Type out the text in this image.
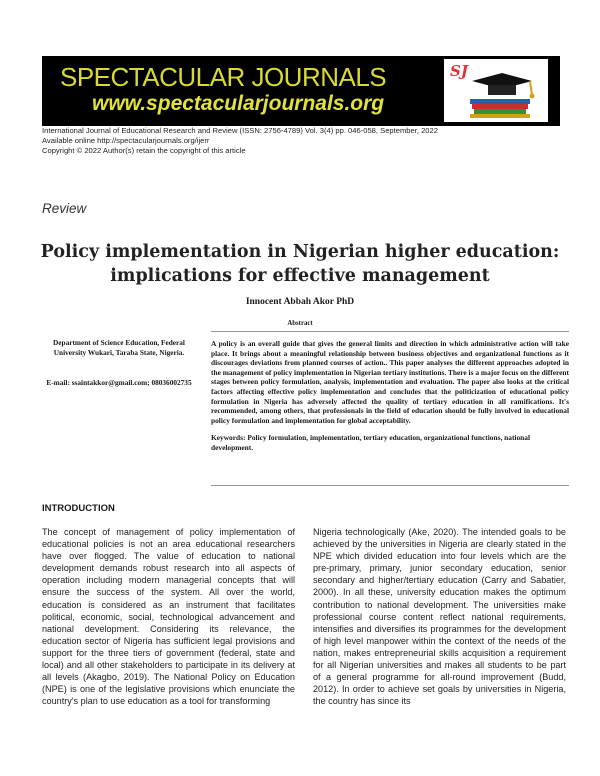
SPECTACULAR JOURNALS
www.spectacularjournals.org
SJ
International Journal of Educational Research and Review (ISSN: 2756-4789) Vol. 3(4) pp. 046-058, September, 2022
Available online http://spectacularjournals.org/ijerr
Copyright © 2022 Author(s) retain the copyright of this article
Review
Policy implementation in Nigerian higher education:
implications for effective management
Innocent Abbah Akor PhD
Abstract
Department of Science Education, Federal University Wukari, Taraba State, Nigeria.
E-mail: ssaintakkor@gmail.com; 08036002735
A policy is an overall guide that gives the general limits and direction in which administrative action will take place. It brings about a meaningful relationship between business objectives and organizational functions as it discourages deviations from planned courses of action.. This paper analyses the different approaches adopted in the management of policy implementation in Nigerian tertiary institutions. There is a major focus on the different stages between policy formulation, analysis, implementation and evaluation. The paper also looks at the critical factors affecting effective policy implementation and concludes that the politicization of educational policy formulation in Nigeria has adversely affected the quality of tertiary education in all ramifications. It's recommended, among others, that professionals in the field of education should be fully involved in educational policy formulation and implementation for global acceptability.
Keywords: Policy formulation, implementation, tertiary education, organizational functions, national development.
INTRODUCTION
The concept of management of policy implementation of educational policies is not an area educational researchers have over flogged. The value of education to national development demands robust research into all aspects of operation including modern managerial concepts that will ensure the success of the system. All over the world, education is considered as an instrument that facilitates political, economic, social, technological advancement and national development. Considering its relevance, the education sector of Nigeria has sufficient legal provisions and support for the three tiers of government (federal, state and local) and all other stakeholders to participate in its delivery at all levels (Akagbo, 2019). The National Policy on Education (NPE) is one of the legislative provisions which enunciate the country's plan to use education as a tool for transforming
Nigeria technologically (Ake, 2020). The intended goals to be achieved by the universities in Nigeria are clearly stated in the NPE which divided education into four levels which are the pre-primary, primary, junior secondary education, senior secondary and higher/tertiary education (Carry and Sabatier, 2000). In all these, university education makes the optimum contribution to national development. The universities make professional course content reflect national requirements, intensifies and diversifies its programmes for the development of high level manpower within the context of the needs of the nation, makes entrepreneurial skills acquisition a requirement for all Nigerian universities and makes all students to be part of a general programme for all-round improvement (Budd, 2012). In order to achieve set goals by universities in Nigeria, the country has since its
